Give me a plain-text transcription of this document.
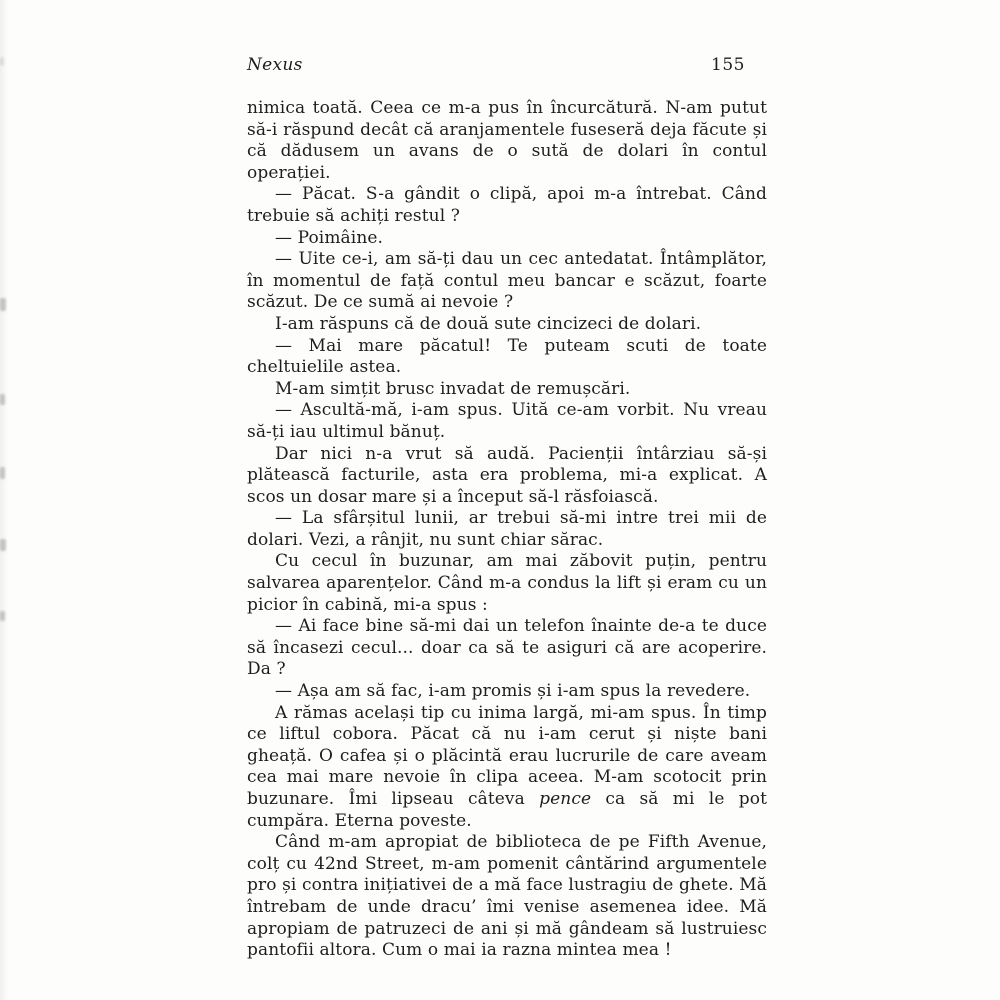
Nexus	155

nimica toată. Ceea ce m-a pus în încurcătură. N-am putut să-i răspund decât că aranjamentele fuseseră deja făcute și că dădusem un avans de o sută de dolari în contul operației.

— Păcat. S-a gândit o clipă, apoi m-a întrebat. Când trebuie să achiți restul ?

— Poimâine.

— Uite ce-i, am să-ți dau un cec antedatat. Întâmplător, în momentul de față contul meu bancar e scăzut, foarte scăzut. De ce sumă ai nevoie ?

I-am răspuns că de două sute cincizeci de dolari.

— Mai mare păcatul! Te puteam scuti de toate cheltuielile astea.

M-am simțit brusc invadat de remușcări.

— Ascultă-mă, i-am spus. Uită ce-am vorbit. Nu vreau să-ți iau ultimul bănuț.

Dar nici n-a vrut să audă. Pacienții întârziau să-și plătească facturile, asta era problema, mi-a explicat. A scos un dosar mare și a început să-l răsfoiască.

— La sfârșitul lunii, ar trebui să-mi intre trei mii de dolari. Vezi, a rânjit, nu sunt chiar sărac.

Cu cecul în buzunar, am mai zăbovit puțin, pentru salvarea aparențelor. Când m-a condus la lift și eram cu un picior în cabină, mi-a spus :

— Ai face bine să-mi dai un telefon înainte de-a te duce să încasezi cecul... doar ca să te asiguri că are acoperire. Da ?

— Așa am să fac, i-am promis și i-am spus la revedere.

A rămas același tip cu inima largă, mi-am spus. În timp ce liftul cobora. Păcat că nu i-am cerut și niște bani gheață. O cafea și o plăcintă erau lucrurile de care aveam cea mai mare nevoie în clipa aceea. M-am scotocit prin buzunare. Îmi lipseau câteva pence ca să mi le pot cumpăra. Eterna poveste.

Când m-am apropiat de biblioteca de pe Fifth Avenue, colț cu 42nd Street, m-am pomenit cântărind argumentele pro și contra inițiativei de a mă face lustragiu de ghete. Mă întrebam de unde dracu’ îmi venise asemenea idee. Mă apropiam de patruzeci de ani și mă gândeam să lustruiesc pantofii altora. Cum o mai ia razna mintea mea !
